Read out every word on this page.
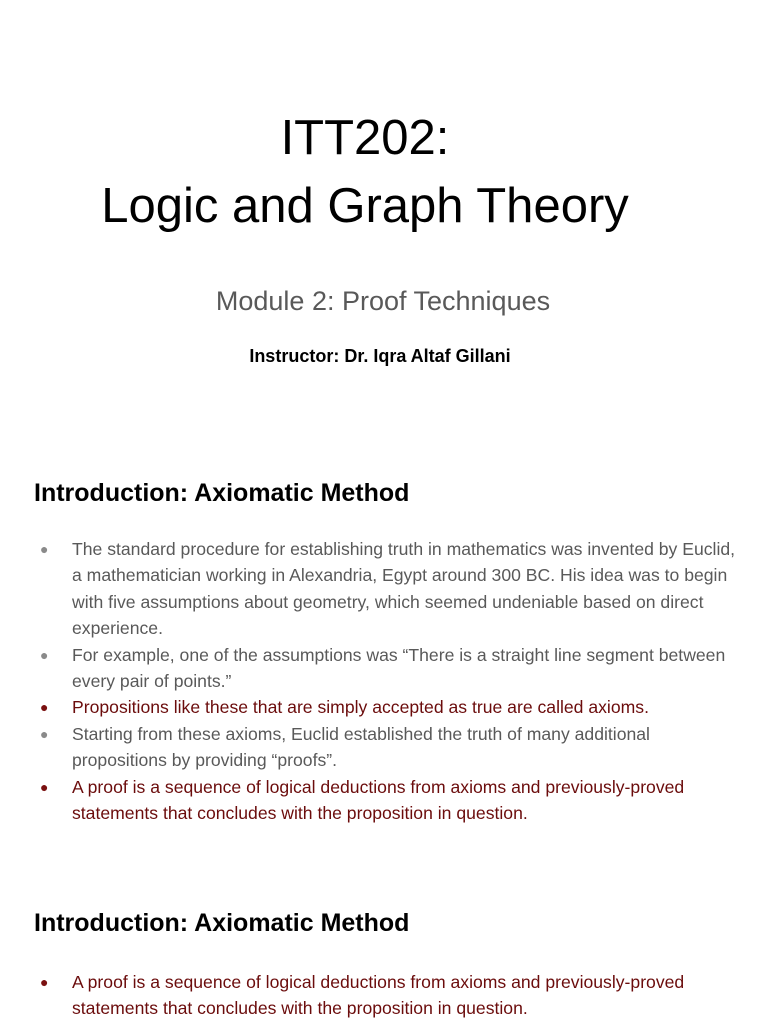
ITT202:
Logic and Graph Theory
Module 2: Proof Techniques
Instructor: Dr. Iqra Altaf Gillani
Introduction: Axiomatic Method
● The standard procedure for establishing truth in mathematics was invented by Euclid, a mathematician working in Alexandria, Egypt around 300 BC. His idea was to begin with five assumptions about geometry, which seemed undeniable based on direct experience.
● For example, one of the assumptions was “There is a straight line segment between every pair of points.”
● Propositions like these that are simply accepted as true are called axioms.
● Starting from these axioms, Euclid established the truth of many additional propositions by providing “proofs”.
● A proof is a sequence of logical deductions from axioms and previously-proved statements that concludes with the proposition in question.
Introduction: Axiomatic Method
● A proof is a sequence of logical deductions from axioms and previously-proved statements that concludes with the proposition in question.
